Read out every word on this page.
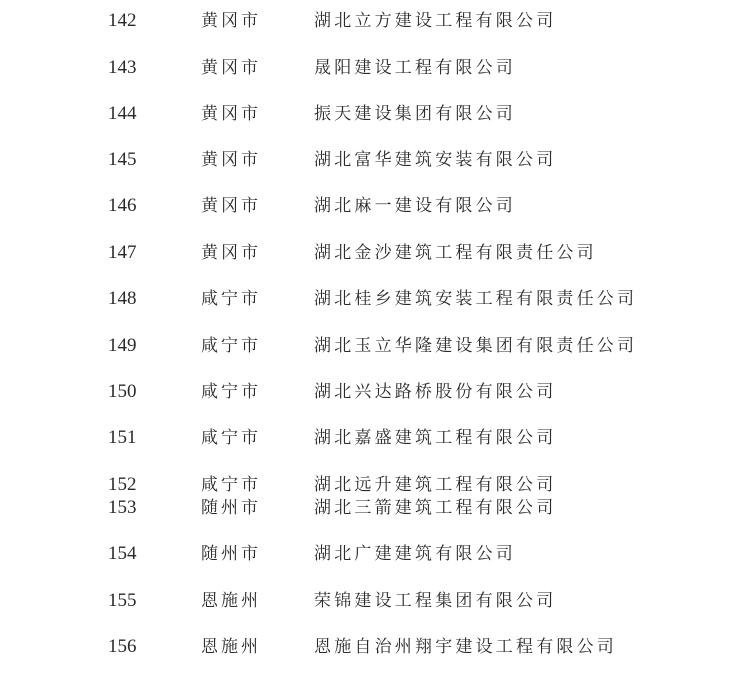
142	黄冈市	湖北立方建设工程有限公司
143	黄冈市	晟阳建设工程有限公司
144	黄冈市	振天建设集团有限公司
145	黄冈市	湖北富华建筑安装有限公司
146	黄冈市	湖北麻一建设有限公司
147	黄冈市	湖北金沙建筑工程有限责任公司
148	咸宁市	湖北桂乡建筑安装工程有限责任公司
149	咸宁市	湖北玉立华隆建设集团有限责任公司
150	咸宁市	湖北兴达路桥股份有限公司
151	咸宁市	湖北嘉盛建筑工程有限公司
152	咸宁市	湖北远升建筑工程有限公司
153	随州市	湖北三箭建筑工程有限公司
154	随州市	湖北广建建筑有限公司
155	恩施州	荣锦建设工程集团有限公司
156	恩施州	恩施自治州翔宇建设工程有限公司
